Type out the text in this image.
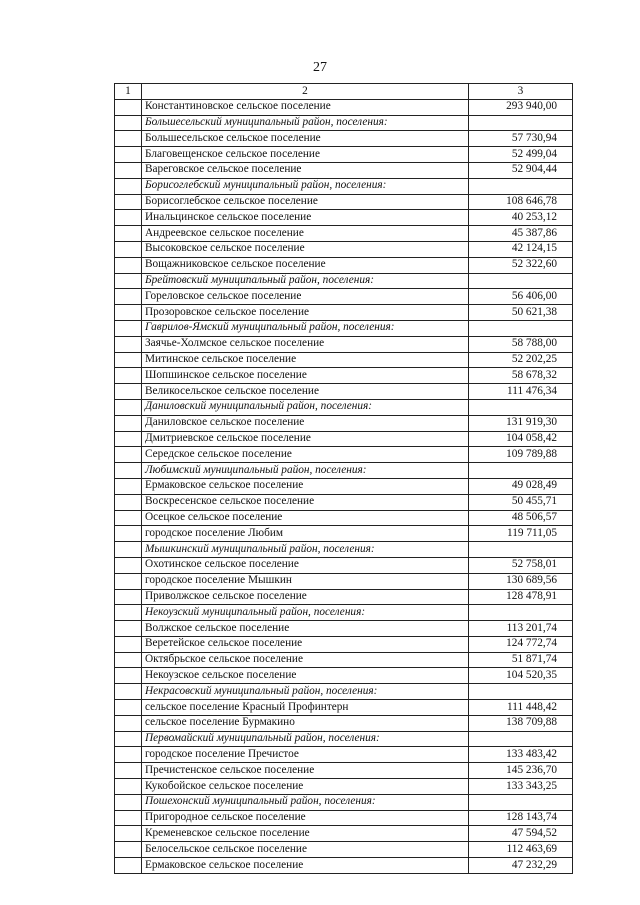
27
1	2	3
	Константиновское сельское поселение	293 940,00
	Большесельский муниципальный район, поселения:	
	Большесельское сельское поселение	57 730,94
	Благовещенское сельское поселение	52 499,04
	Вареговское сельское поселение	52 904,44
	Борисоглебский муниципальный район, поселения:	
	Борисоглебское сельское поселение	108 646,78
	Инальцинское сельское поселение	40 253,12
	Андреевское сельское поселение	45 387,86
	Высоковское сельское поселение	42 124,15
	Вощажниковское сельское поселение	52 322,60
	Брейтовский муниципальный район, поселения:	
	Гореловское сельское поселение	56 406,00
	Прозоровское сельское поселение	50 621,38
	Гаврилов-Ямский муниципальный район, поселения:	
	Заячье-Холмское сельское поселение	58 788,00
	Митинское сельское поселение	52 202,25
	Шопшинское сельское поселение	58 678,32
	Великосельское сельское поселение	111 476,34
	Даниловский муниципальный район, поселения:	
	Даниловское сельское поселение	131 919,30
	Дмитриевское сельское поселение	104 058,42
	Середское сельское поселение	109 789,88
	Любимский муниципальный район, поселения:	
	Ермаковское сельское поселение	49 028,49
	Воскресенское сельское поселение	50 455,71
	Осецкое сельское поселение	48 506,57
	городское поселение Любим	119 711,05
	Мышкинский муниципальный район, поселения:	
	Охотинское сельское поселение	52 758,01
	городское поселение Мышкин	130 689,56
	Приволжское сельское поселение	128 478,91
	Некоузский муниципальный район, поселения:	
	Волжское сельское поселение	113 201,74
	Веретейское сельское поселение	124 772,74
	Октябрьское сельское поселение	51 871,74
	Некоузское сельское поселение	104 520,35
	Некрасовский муниципальный район, поселения:	
	сельское поселение Красный Профинтерн	111 448,42
	сельское поселение Бурмакино	138 709,88
	Первомайский муниципальный район, поселения:	
	городское поселение Пречистое	133 483,42
	Пречистенское сельское поселение	145 236,70
	Кукобойское сельское поселение	133 343,25
	Пошехонский муниципальный район, поселения:	
	Пригородное сельское поселение	128 143,74
	Кременевское сельское поселение	47 594,52
	Белосельское сельское поселение	112 463,69
	Ермаковское сельское поселение	47 232,29
